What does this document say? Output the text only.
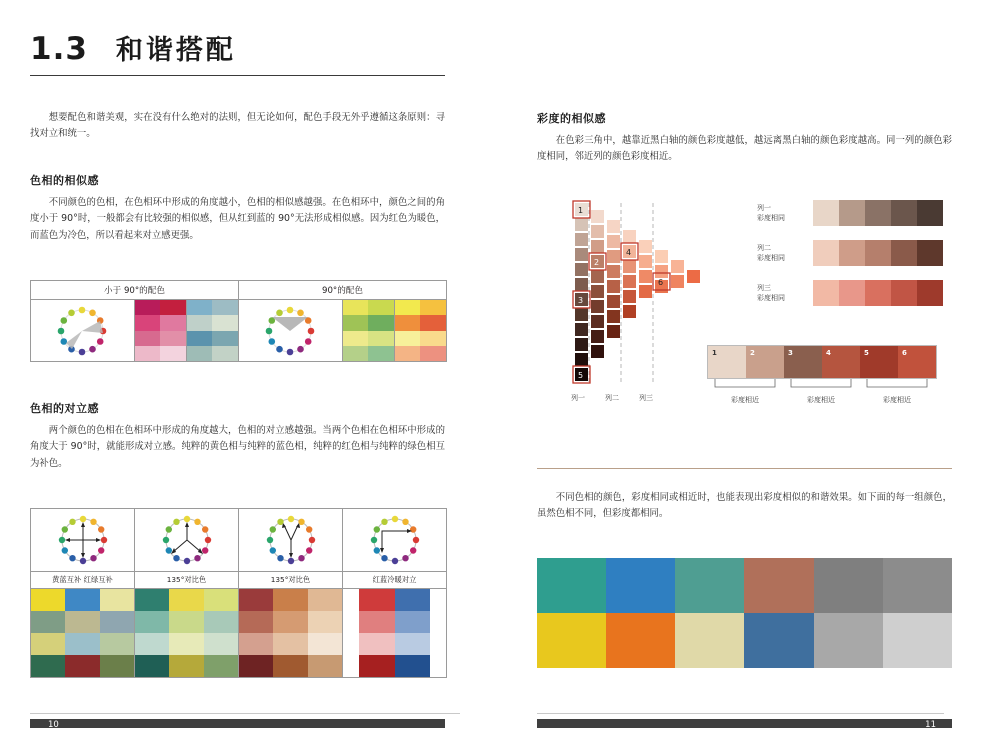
1.3 和谐搭配

想要配色和谐美观，实在没有什么绝对的法则，但无论如何，配色手段无外乎遵循这条原则：寻找对立和统一。

色相的相似感

不同颜色的色相，在色相环中形成的角度越小，色相的相似感越强。在色相环中，颜色之间的角度小于 90°时，一般都会有比较强的相似感，但从红到蓝的 90°无法形成相似感。因为红色为暖色，而蓝色为冷色，所以看起来对立感更强。

小于 90°的配色	90°的配色
色相的对立感

两个颜色的色相在色相环中形成的角度越大，色相的对立感越强。当两个色相在色相环中形成的角度大于 90°时，就能形成对立感。纯粹的黄色相与纯粹的蓝色相，纯粹的红色相与纯粹的绿色相互为补色。

黄蓝互补 红绿互补	135°对比色	135°对比色	红蓝冷暖对立
10
彩度的相似感

在色彩三角中，越靠近黑白轴的颜色彩度越低，越远离黑白轴的颜色彩度越高。同一列的颜色彩度相同，邻近列的颜色彩度相近。

1
2
3
4
5
6
列一	列二	列三
列一
彩度相同
列二
彩度相同
列三
彩度相同
1	2	3	4	5	6
彩度相近	彩度相近	彩度相近

不同色相的颜色，彩度相同或相近时，也能表现出彩度相似的和谐效果。如下面的每一组颜色，虽然色相不同，但彩度都相同。

11
